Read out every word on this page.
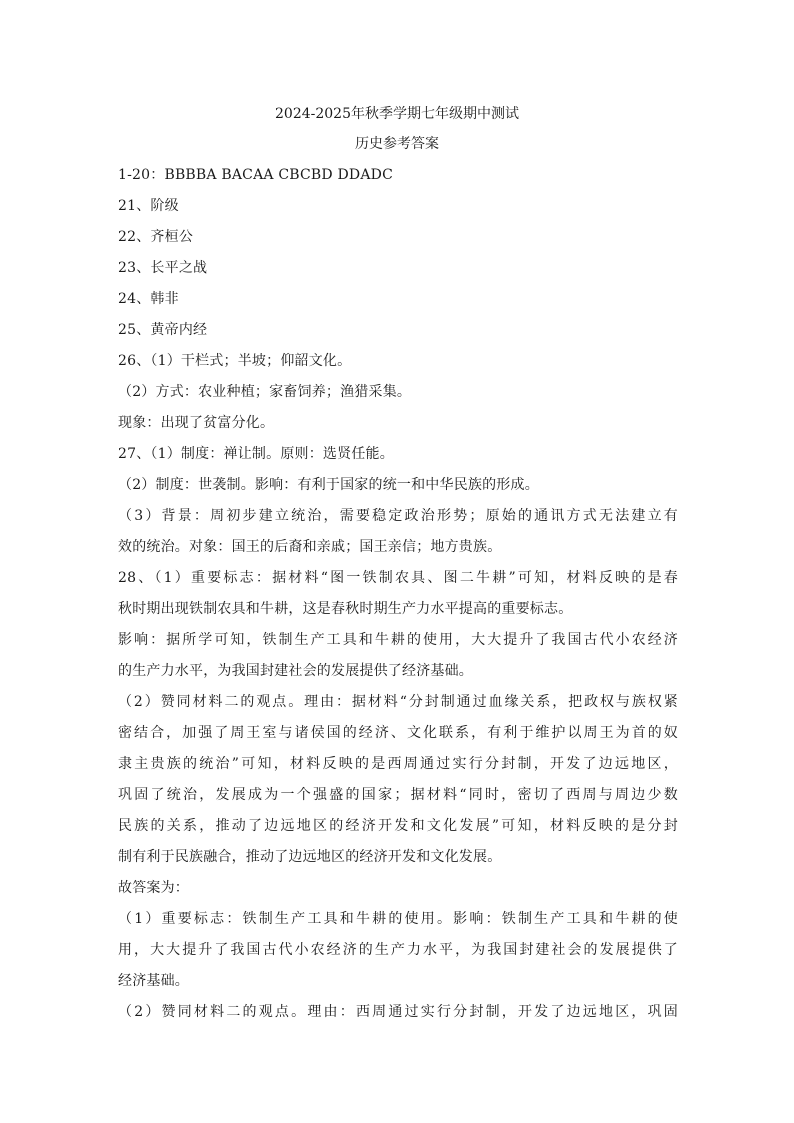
2024-2025年秋季学期七年级期中测试
历史参考答案
1-20：BBBBA BACAA CBCBD DDADC
21、阶级
22、齐桓公
23、长平之战
24、韩非
25、黄帝内经
26、（1）干栏式；半坡；仰韶文化。
（2）方式：农业种植；家畜饲养；渔猎采集。
现象：出现了贫富分化。
27、（1）制度：禅让制。原则：选贤任能。
（2）制度：世袭制。影响：有利于国家的统一和中华民族的形成。
（3）背景：周初步建立统治，需要稳定政治形势；原始的通讯方式无法建立有
效的统治。对象：国王的后裔和亲戚；国王亲信；地方贵族。
28、（1）重要标志：据材料“图一铁制农具、图二牛耕”可知，材料反映的是春
秋时期出现铁制农具和牛耕，这是春秋时期生产力水平提高的重要标志。
影响：据所学可知，铁制生产工具和牛耕的使用，大大提升了我国古代小农经济
的生产力水平，为我国封建社会的发展提供了经济基础。
（2）赞同材料二的观点。理由：据材料“分封制通过血缘关系，把政权与族权紧
密结合，加强了周王室与诸侯国的经济、文化联系，有利于维护以周王为首的奴
隶主贵族的统治”可知，材料反映的是西周通过实行分封制，开发了边远地区，
巩固了统治，发展成为一个强盛的国家；据材料“同时，密切了西周与周边少数
民族的关系，推动了边远地区的经济开发和文化发展”可知，材料反映的是分封
制有利于民族融合，推动了边远地区的经济开发和文化发展。
故答案为：
（1）重要标志：铁制生产工具和牛耕的使用。影响：铁制生产工具和牛耕的使
用，大大提升了我国古代小农经济的生产力水平，为我国封建社会的发展提供了
经济基础。
（2）赞同材料二的观点。理由：西周通过实行分封制，开发了边远地区，巩固
